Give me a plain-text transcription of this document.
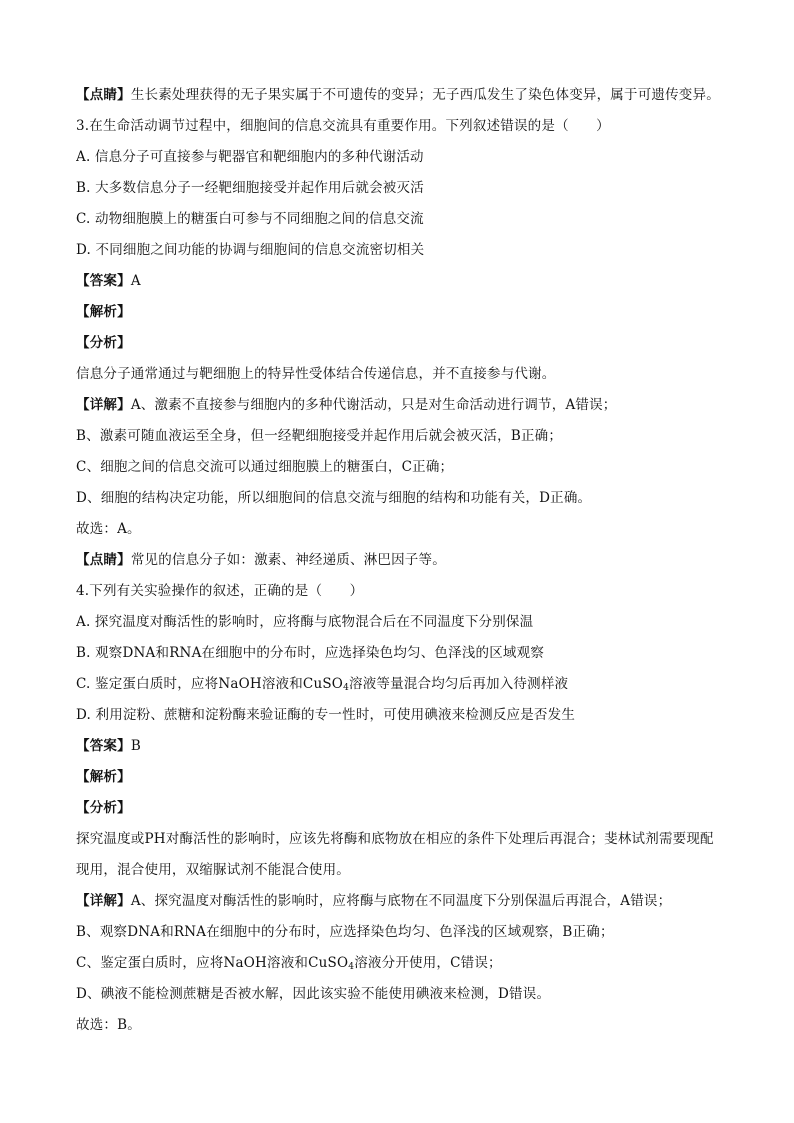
【点睛】生长素处理获得的无子果实属于不可遗传的变异；无子西瓜发生了染色体变异，属于可遗传变异。
3.在生命活动调节过程中，细胞间的信息交流具有重要作用。下列叙述错误的是（　　）
A. 信息分子可直接参与靶器官和靶细胞内的多种代谢活动
B. 大多数信息分子一经靶细胞接受并起作用后就会被灭活
C. 动物细胞膜上的糖蛋白可参与不同细胞之间的信息交流
D. 不同细胞之间功能的协调与细胞间的信息交流密切相关
【答案】A
【解析】
【分析】
信息分子通常通过与靶细胞上的特异性受体结合传递信息，并不直接参与代谢。
【详解】A、激素不直接参与细胞内的多种代谢活动，只是对生命活动进行调节，A错误；
B、激素可随血液运至全身，但一经靶细胞接受并起作用后就会被灭活，B正确；
C、细胞之间的信息交流可以通过细胞膜上的糖蛋白，C正确；
D、细胞的结构决定功能，所以细胞间的信息交流与细胞的结构和功能有关，D正确。
故选：A。
【点睛】常见的信息分子如：激素、神经递质、淋巴因子等。
4.下列有关实验操作的叙述，正确的是（　　）
A. 探究温度对酶活性的影响时，应将酶与底物混合后在不同温度下分别保温
B. 观察DNA和RNA在细胞中的分布时，应选择染色均匀、色泽浅的区域观察
C. 鉴定蛋白质时，应将NaOH溶液和CuSO$_4$溶液等量混合均匀后再加入待测样液
D. 利用淀粉、蔗糖和淀粉酶来验证酶的专一性时，可使用碘液来检测反应是否发生
【答案】B
【解析】
【分析】
探究温度或PH对酶活性的影响时，应该先将酶和底物放在相应的条件下处理后再混合；斐林试剂需要现配
现用，混合使用，双缩脲试剂不能混合使用。
【详解】A、探究温度对酶活性的影响时，应将酶与底物在不同温度下分别保温后再混合，A错误；
B、观察DNA和RNA在细胞中的分布时，应选择染色均匀、色泽浅的区域观察，B正确；
C、鉴定蛋白质时，应将NaOH溶液和CuSO$_4$溶液分开使用，C错误；
D、碘液不能检测蔗糖是否被水解，因此该实验不能使用碘液来检测，D错误。
故选：B。
